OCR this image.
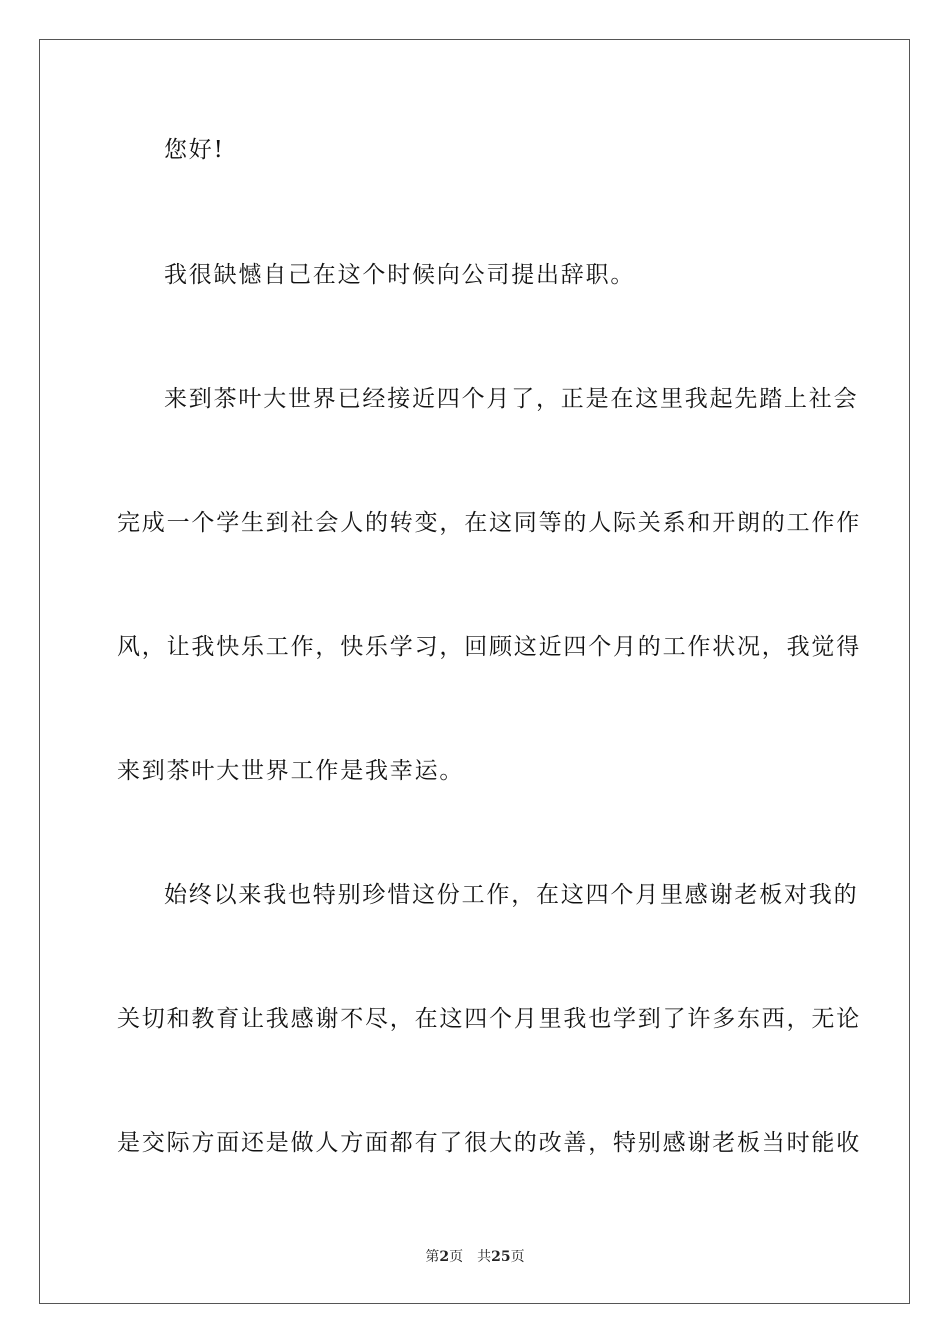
您好!
我很缺憾自己在这个时候向公司提出辞职。
来到茶叶大世界已经接近四个月了，正是在这里我起先踏上社会
完成一个学生到社会人的转变，在这同等的人际关系和开朗的工作作
风，让我快乐工作，快乐学习，回顾这近四个月的工作状况，我觉得
来到茶叶大世界工作是我幸运。
始终以来我也特别珍惜这份工作，在这四个月里感谢老板对我的
关切和教育让我感谢不尽，在这四个月里我也学到了许多东西，无论
是交际方面还是做人方面都有了很大的改善，特别感谢老板当时能收
第2页 共25页
